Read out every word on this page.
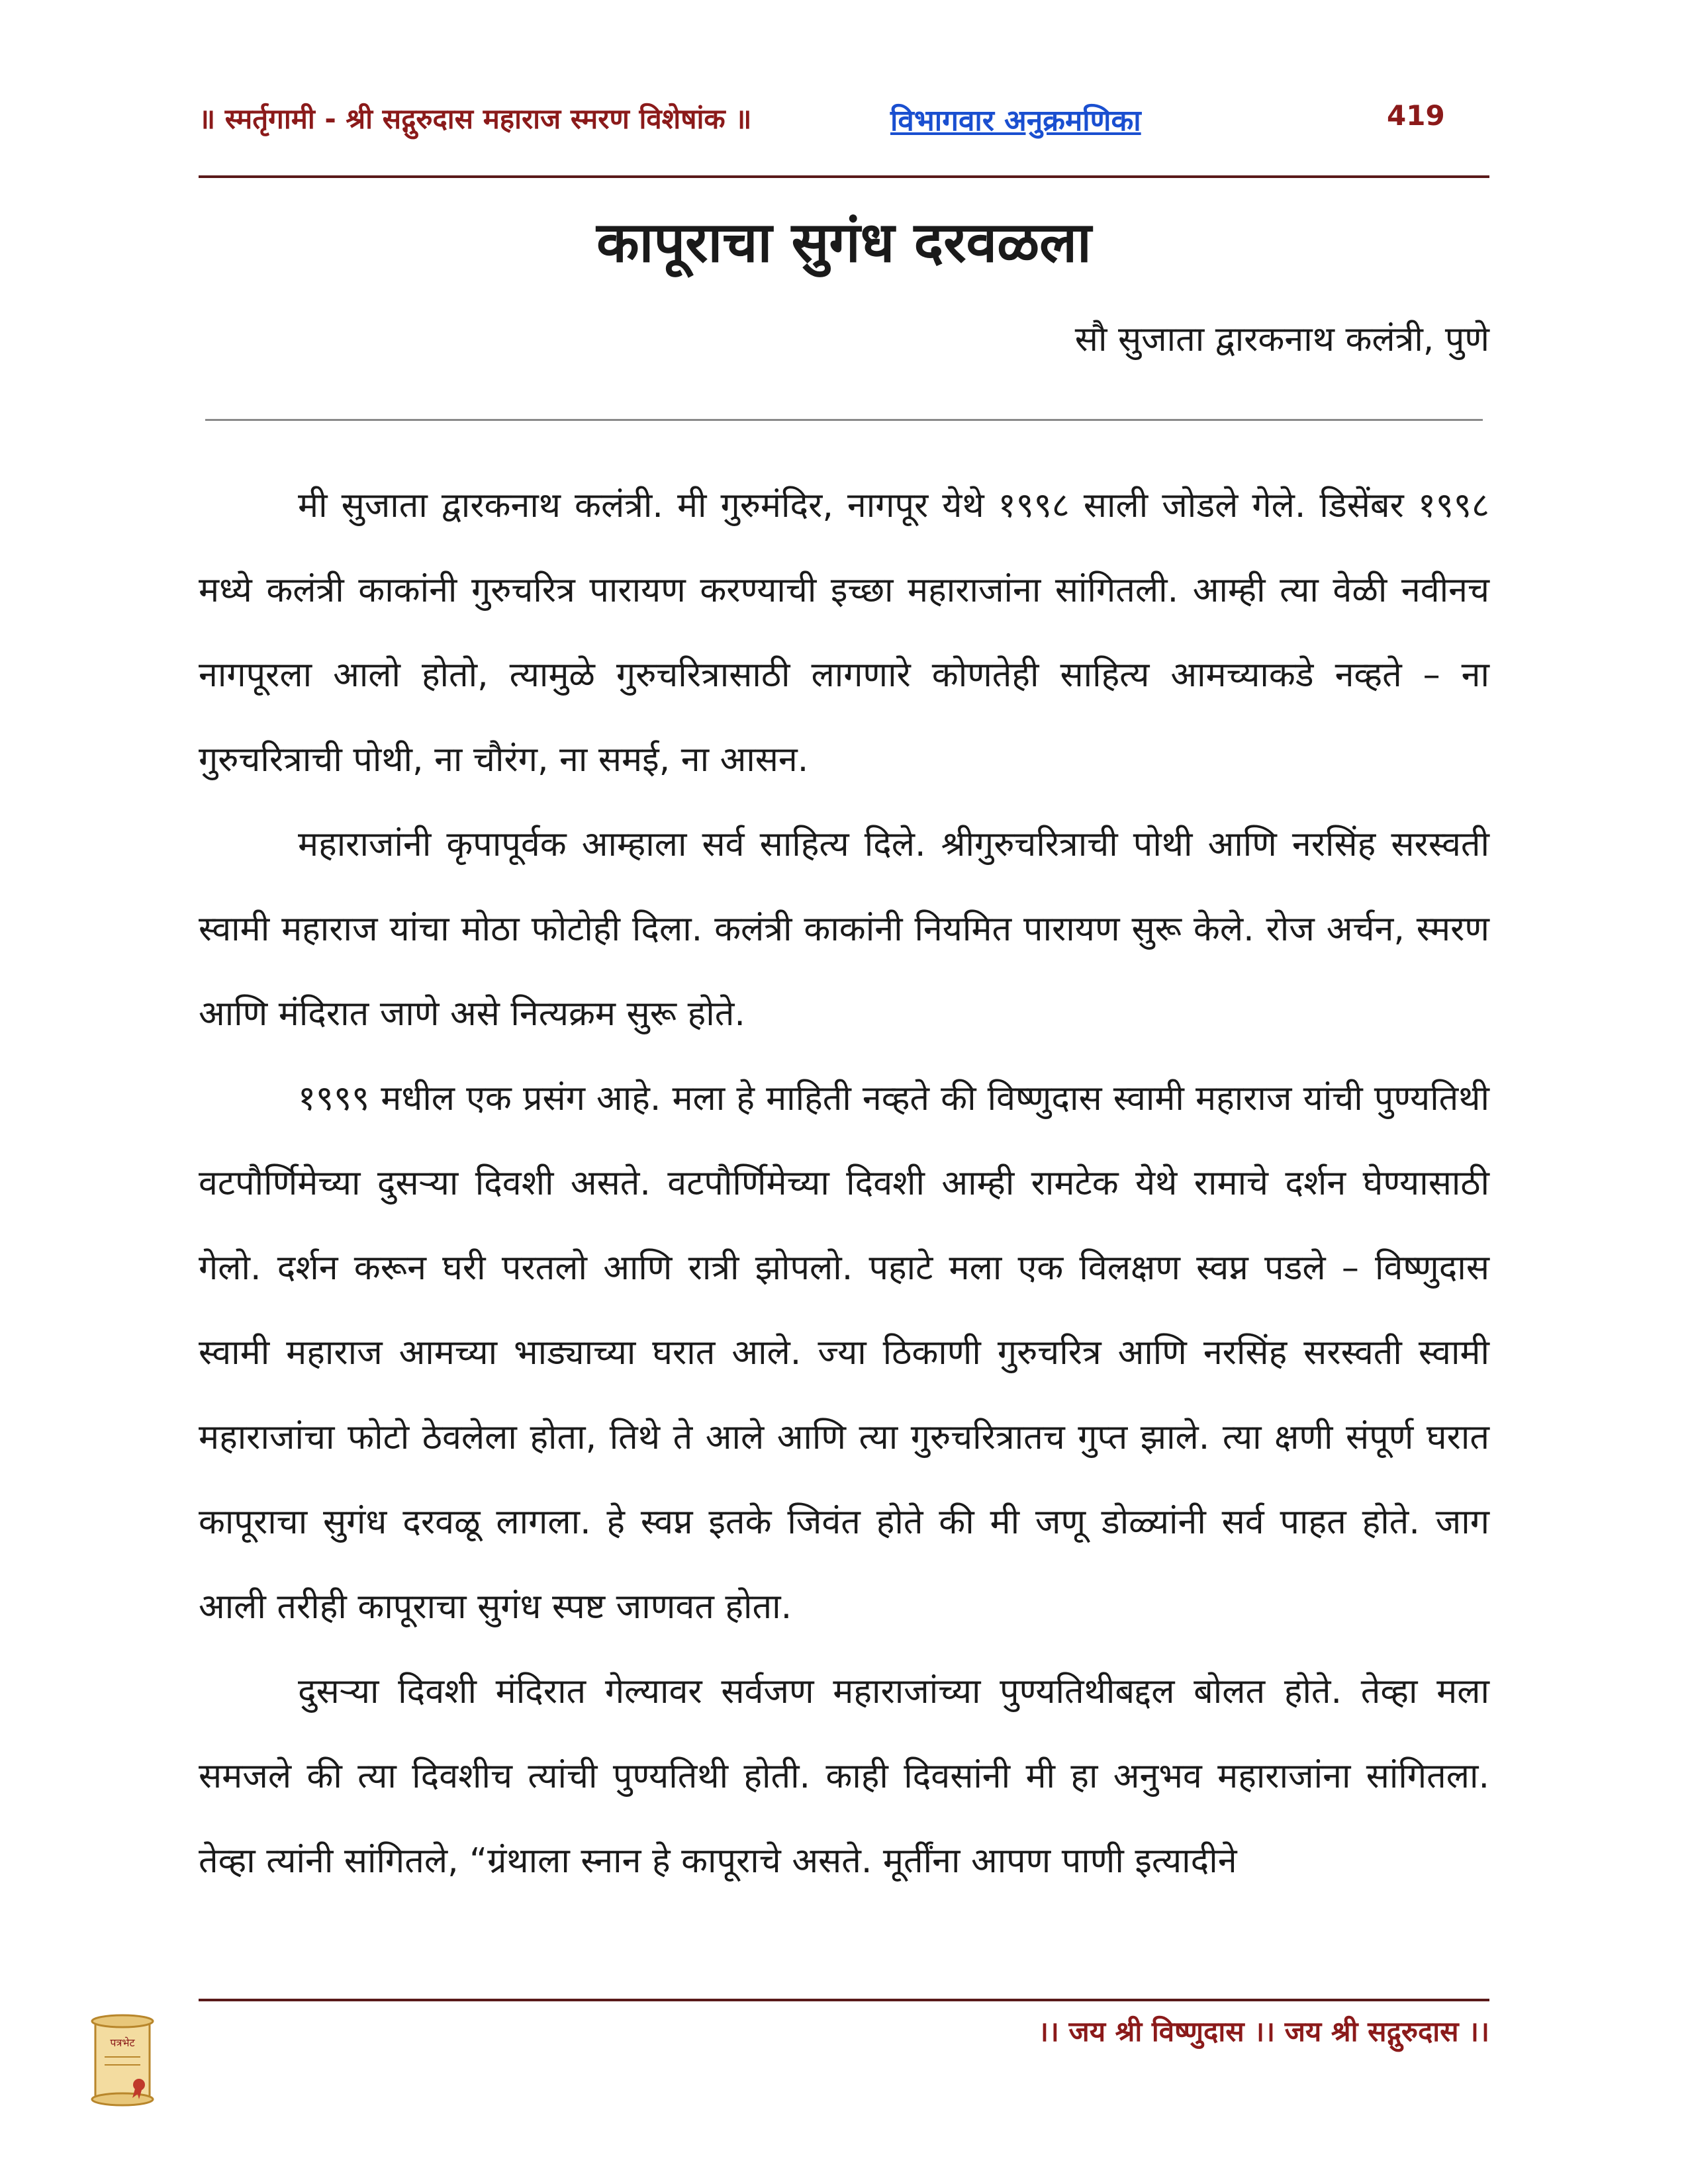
॥ स्मर्तृगामी - श्री सद्गुरुदास महाराज स्मरण विशेषांक ॥	विभागवार अनुक्रमणिका	419
कापूराचा सुगंध दरवळला
सौ सुजाता द्वारकनाथ कलंत्री, पुणे

मी सुजाता द्वारकनाथ कलंत्री. मी गुरुमंदिर, नागपूर येथे १९९८ साली जोडले गेले. डिसेंबर १९९८ मध्ये कलंत्री काकांनी गुरुचरित्र पारायण करण्याची इच्छा महाराजांना सांगितली. आम्ही त्या वेळी नवीनच नागपूरला आलो होतो, त्यामुळे गुरुचरित्रासाठी लागणारे कोणतेही साहित्य आमच्याकडे नव्हते – ना गुरुचरित्राची पोथी, ना चौरंग, ना समई, ना आसन.

महाराजांनी कृपापूर्वक आम्हाला सर्व साहित्य दिले. श्रीगुरुचरित्राची पोथी आणि नरसिंह सरस्वती स्वामी महाराज यांचा मोठा फोटोही दिला. कलंत्री काकांनी नियमित पारायण सुरू केले. रोज अर्चन, स्मरण आणि मंदिरात जाणे असे नित्यक्रम सुरू होते.

१९९९ मधील एक प्रसंग आहे. मला हे माहिती नव्हते की विष्णुदास स्वामी महाराज यांची पुण्यतिथी वटपौर्णिमेच्या दुसऱ्या दिवशी असते. वटपौर्णिमेच्या दिवशी आम्ही रामटेक येथे रामाचे दर्शन घेण्यासाठी गेलो. दर्शन करून घरी परतलो आणि रात्री झोपलो. पहाटे मला एक विलक्षण स्वप्न पडले – विष्णुदास स्वामी महाराज आमच्या भाड्याच्या घरात आले. ज्या ठिकाणी गुरुचरित्र आणि नरसिंह सरस्वती स्वामी महाराजांचा फोटो ठेवलेला होता, तिथे ते आले आणि त्या गुरुचरित्रातच गुप्त झाले. त्या क्षणी संपूर्ण घरात कापूराचा सुगंध दरवळू लागला. हे स्वप्न इतके जिवंत होते की मी जणू डोळ्यांनी सर्व पाहत होते. जाग आली तरीही कापूराचा सुगंध स्पष्ट जाणवत होता.

दुसऱ्या दिवशी मंदिरात गेल्यावर सर्वजण महाराजांच्या पुण्यतिथीबद्दल बोलत होते. तेव्हा मला समजले की त्या दिवशीच त्यांची पुण्यतिथी होती. काही दिवसांनी मी हा अनुभव महाराजांना सांगितला. तेव्हा त्यांनी सांगितले, “ग्रंथाला स्नान हे कापूराचे असते. मूर्तींना आपण पाणी इत्यादीने

।। जय श्री विष्णुदास ।। जय श्री सद्गुरुदास ।।
पत्रभेट
